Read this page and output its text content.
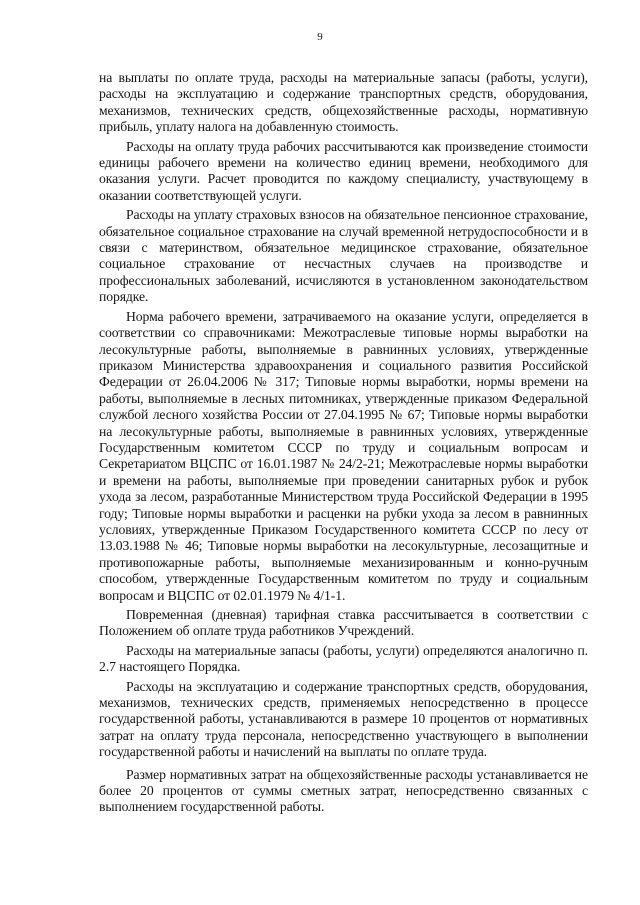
9

на выплаты по оплате труда, расходы на материальные запасы (работы, услуги), расходы на эксплуатацию и содержание транспортных средств, оборудования, механизмов, технических средств, общехозяйственные расходы, нормативную прибыль, уплату налога на добавленную стоимость.

Расходы на оплату труда рабочих рассчитываются как произведение стоимости единицы рабочего времени на количество единиц времени, необходимого для оказания услуги. Расчет проводится по каждому специалисту, участвующему в оказании соответствующей услуги.

Расходы на уплату страховых взносов на обязательное пенсионное страхование, обязательное социальное страхование на случай временной нетрудоспособности и в связи с материнством, обязательное медицинское страхование, обязательное социальное страхование от несчастных случаев на производстве и профессиональных заболеваний, исчисляются в установленном законодательством порядке.

Норма рабочего времени, затрачиваемого на оказание услуги, определяется в соответствии со справочниками: Межотраслевые типовые нормы выработки на лесокультурные работы, выполняемые в равнинных условиях, утвержденные приказом Министерства здравоохранения и социального развития Российской Федерации от 26.04.2006 № 317; Типовые нормы выработки, нормы времени на работы, выполняемые в лесных питомниках, утвержденные приказом Федеральной службой лесного хозяйства России от 27.04.1995 № 67; Типовые нормы выработки на лесокультурные работы, выполняемые в равнинных условиях, утвержденные Государственным комитетом СССР по труду и социальным вопросам и Секретариатом ВЦСПС от 16.01.1987 № 24/2-21; Межотраслевые нормы выработки и времени на работы, выполняемые при проведении санитарных рубок и рубок ухода за лесом, разработанные Министерством труда Российской Федерации в 1995 году; Типовые нормы выработки и расценки на рубки ухода за лесом в равнинных условиях, утвержденные Приказом Государственного комитета СССР по лесу от 13.03.1988 № 46; Типовые нормы выработки на лесокультурные, лесозащитные и противопожарные работы, выполняемые механизированным и конно-ручным способом, утвержденные Государственным комитетом по труду и социальным вопросам и ВЦСПС от 02.01.1979 № 4/1-1.

Повременная (дневная) тарифная ставка рассчитывается в соответствии с Положением об оплате труда работников Учреждений.

Расходы на материальные запасы (работы, услуги) определяются аналогично п. 2.7 настоящего Порядка.

Расходы на эксплуатацию и содержание транспортных средств, оборудования, механизмов, технических средств, применяемых непосредственно в процессе государственной работы, устанавливаются в размере 10 процентов от нормативных затрат на оплату труда персонала, непосредственно участвующего в выполнении государственной работы и начислений на выплаты по оплате труда.

Размер нормативных затрат на общехозяйственные расходы устанавливается не более 20 процентов от суммы сметных затрат, непосредственно связанных с выполнением государственной работы.
